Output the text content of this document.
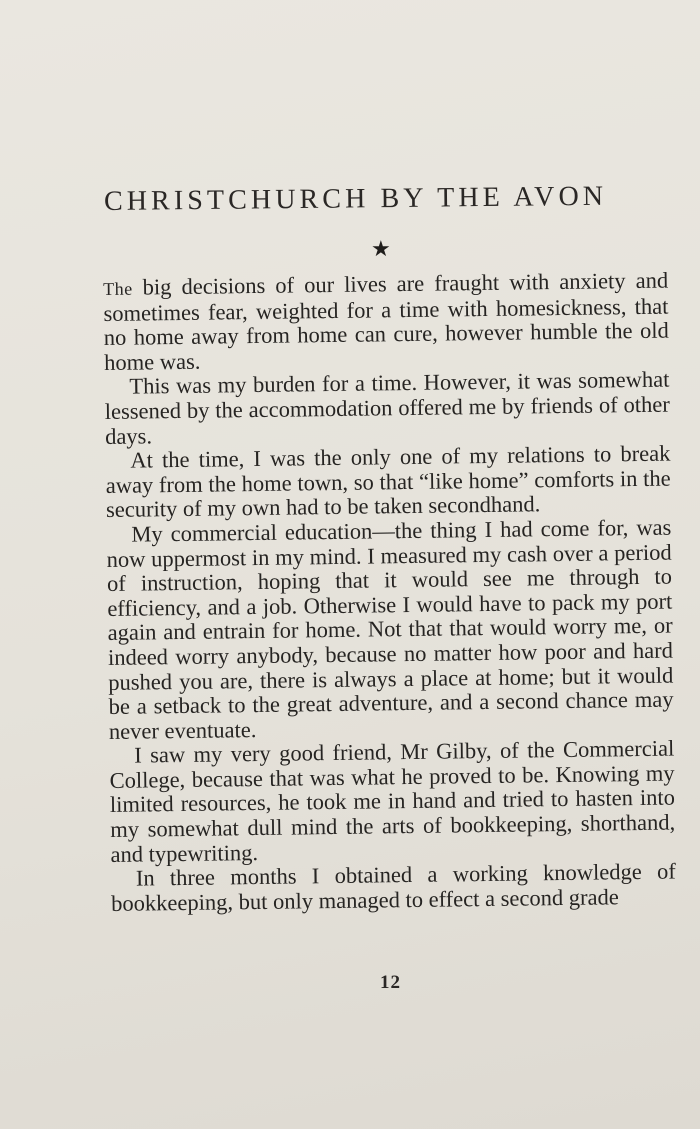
CHRISTCHURCH BY THE AVON
★

The big decisions of our lives are fraught with anxiety and sometimes fear, weighted for a time with homesickness, that no home away from home can cure, however humble the old home was.

This was my burden for a time. However, it was somewhat lessened by the accommodation offered me by friends of other days.

At the time, I was the only one of my relations to break away from the home town, so that “like home” comforts in the security of my own had to be taken secondhand.

My commercial education—the thing I had come for, was now uppermost in my mind. I measured my cash over a period of instruction, hoping that it would see me through to efficiency, and a job. Otherwise I would have to pack my port again and entrain for home. Not that that would worry me, or indeed worry anybody, because no matter how poor and hard pushed you are, there is always a place at home; but it would be a setback to the great adventure, and a second chance may never eventuate.

I saw my very good friend, Mr Gilby, of the Commercial College, because that was what he proved to be. Knowing my limited resources, he took me in hand and tried to hasten into my somewhat dull mind the arts of bookkeeping, shorthand, and typewriting.

In three months I obtained a working knowledge of bookkeeping, but only managed to effect a second grade

12
